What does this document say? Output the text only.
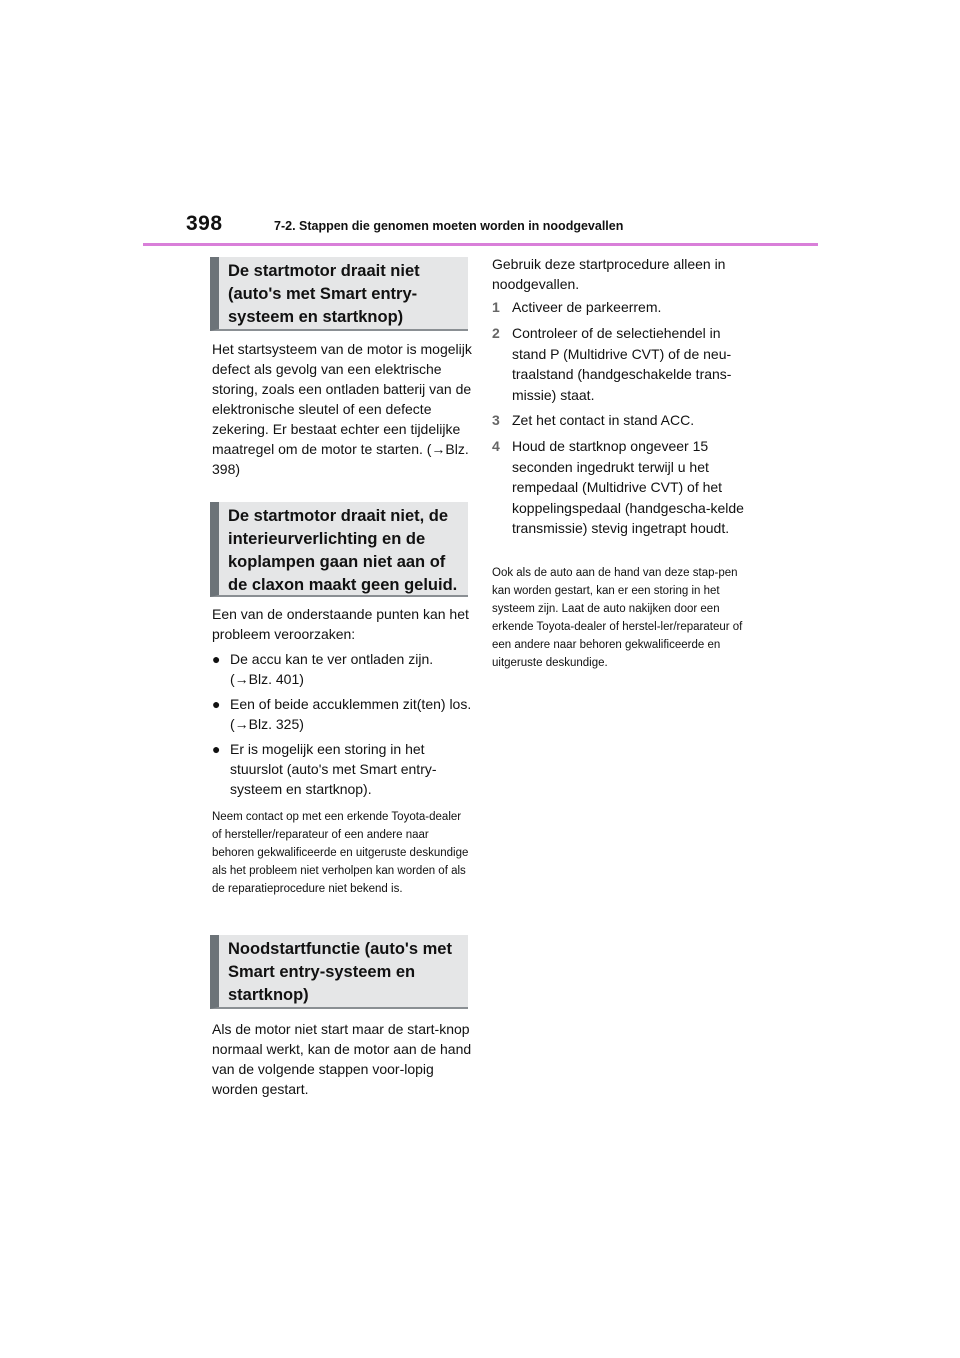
398	7-2. Stappen die genomen moeten worden in noodgevallen
De startmotor draait niet (auto's met Smart entry-systeem en startknop)

Het startsysteem van de motor is mogelijk defect als gevolg van een elektrische storing, zoals een ontladen batterij van de elektronische sleutel of een defecte zekering. Er bestaat echter een tijdelijke maatregel om de motor te starten. (→Blz. 398)

De startmotor draait niet, de interieurverlichting en de koplampen gaan niet aan of de claxon maakt geen geluid.

Een van de onderstaande punten kan het probleem veroorzaken:

● De accu kan te ver ontladen zijn. (→Blz. 401)
● Een of beide accuklemmen zit(ten) los. (→Blz. 325)
● Er is mogelijk een storing in het stuurslot (auto's met Smart entry-systeem en startknop).

Neem contact op met een erkende Toyota-dealer of hersteller/reparateur of een andere naar behoren gekwalificeerde en uitgeruste deskundige als het probleem niet verholpen kan worden of als de reparatieprocedure niet bekend is.

Noodstartfunctie (auto's met Smart entry-systeem en startknop)

Als de motor niet start maar de start-knop normaal werkt, kan de motor aan de hand van de volgende stappen voor-lopig worden gestart.

Gebruik deze startprocedure alleen in noodgevallen.

1 Activeer de parkeerrem.
2 Controleer of de selectiehendel in stand P (Multidrive CVT) of de neu-traalstand (handgeschakelde trans-missie) staat.
3 Zet het contact in stand ACC.
4 Houd de startknop ongeveer 15 seconden ingedrukt terwijl u het rempedaal (Multidrive CVT) of het koppelingspedaal (handgescha-kelde transmissie) stevig ingetrapt houdt.

Ook als de auto aan de hand van deze stap-pen kan worden gestart, kan er een storing in het systeem zijn. Laat de auto nakijken door een erkende Toyota-dealer of herstel-ler/reparateur of een andere naar behoren gekwalificeerde en uitgeruste deskundige.
